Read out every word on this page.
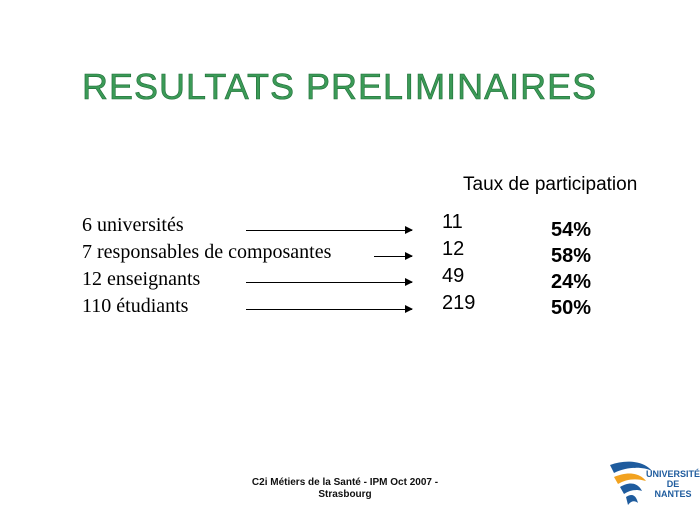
RESULTATS PRELIMINAIRES
Taux de participation
6 universités	11	54%
7 responsables de composantes	12	58%
12 enseignants	49	24%
110 étudiants	219	50%
C2i Métiers de la Santé - IPM Oct 2007 -
Strasbourg
UNIVERSITÉ
DE
NANTES
